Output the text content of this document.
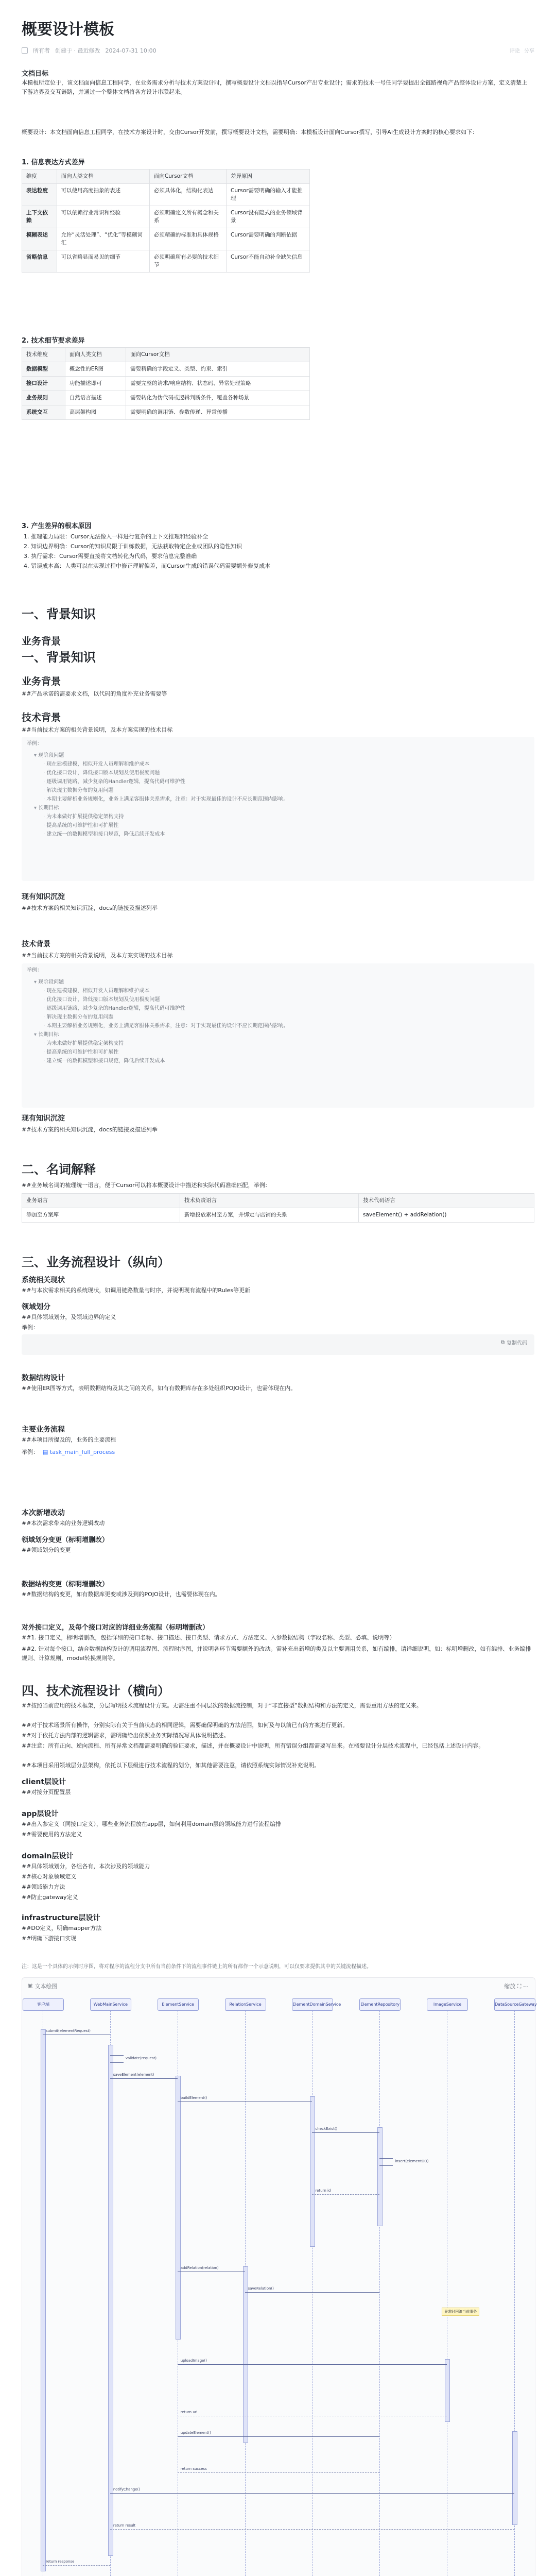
概要设计模板
所有者 创建于 · 最近修改 2024-07-31 10:00	评论 分享
文档目标
本模板所定位于，该文档面向信息工程同学，在业务需求分析与技术方案设计时，撰写概要设计文档以指导Cursor产出专业设计；需求的技术一号任同学要提出全链路视角产品整体设计方案，定义清楚上下游边界及交互链路，并通过一个整体文档将各方设计串联起来。
概要设计：本文档面向信息工程同学，在技术方案设计时，交由Cursor开发前，撰写概要设计文档，需要明确：本模板设计面向Cursor撰写，引导AI生成设计方案时的核心要求如下：
1. 信息表达方式差异
维度	面向人类文档	面向Cursor文档	差异原因
表达粒度	可以使用高度抽象的表述	必须具体化，结构化表达	Cursor需要明确的输入才能推理
上下文依赖	可以依赖行业常识和经验	必须明确定义所有概念和关系	Cursor没有隐式的业务领域背景
模糊表述	允许“灵活处理”、“优化”等模糊词汇	必须精确的标准和具体规格	Cursor需要明确的判断依据
省略信息	可以省略显而易见的细节	必须明确所有必要的技术细节	Cursor不能自动补全缺失信息
2. 技术细节要求差异
技术维度	面向人类文档	面向Cursor文档
数据模型	概念性的ER图	需要精确的字段定义、类型、约束、索引
接口设计	功能描述即可	需要完整的请求/响应结构、状态码、异常处理策略
业务规则	自然语言描述	需要转化为伪代码或逻辑判断条件，覆盖各种场景
系统交互	高层架构图	需要明确的调用链、参数传递、异常传播
3. 产生差异的根本原因
1. 推理能力局限：Cursor无法像人一样进行复杂的上下文推理和经验补全
2. 知识边界明确：Cursor的知识局限于训练数据，无法获取特定企业或团队的隐性知识
3. 执行需求：Cursor需要直接将文档转化为代码，要求信息完整准确
4. 错误成本高：人类可以在实现过程中修正理解偏差，而Cursor生成的错误代码需要额外修复成本
一、背景知识
业务背景
一、背景知识
业务背景
##产品承诺的需要求文档，以代码的角度补充业务需要等
技术背景
##当前技术方案的相关背景说明，及本方案实现的技术目标
举例：
▾ 现阶段问题
· 现在建模建模，相似开发人员理解和维护成本
· 优化接口设计，降低接口版本规划及使用极度问题
· 逐级调用链路，减少复杂的Handler逻辑，提高代码可维护性
· 解决现主数据分布的复用问题
· 本期主要解析业务规则化，业务上满足客服体关系需求，注意：对于实现最佳的设计不应长期范围内影响。
▾ 长期目标
· 为未来做好扩展提供稳定架构支持
· 提高系统的可维护性和可扩展性
· 建立统一的数据模型和接口规范，降低后续开发成本
现有知识沉淀
##技术方案的相关知识沉淀，docs的链接及描述列举
技术背景
##当前技术方案的相关背景说明，及本方案实现的技术目标
举例：
▾ 现阶段问题
· 现在建模建模，相似开发人员理解和维护成本
· 优化接口设计，降低接口版本规划及使用极度问题
· 逐级调用链路，减少复杂的Handler逻辑，提高代码可维护性
· 解决现主数据分布的复用问题
· 本期主要解析业务规则化，业务上满足客服体关系需求，注意：对于实现最佳的设计不应长期范围内影响。
▾ 长期目标
· 为未来做好扩展提供稳定架构支持
· 提高系统的可维护性和可扩展性
· 建立统一的数据模型和接口规范，降低后续开发成本
现有知识沉淀
##技术方案的相关知识沉淀，docs的链接及描述列举
二、名词解释
##业务域名词的梳理统一语言，便于Cursor可以将本概要设计中描述和实际代码准确匹配，举例：
业务语言	技术负责语言	技术代码语言
添加至方案库	新增投放素材至方案，并绑定与店铺的关系	saveElement() + addRelation()
三、业务流程设计（纵向）
系统相关现状
##与本次需求相关的系统现状，如调用链路数量与时序，并说明现有流程中的Rules等更新
领域划分
##具体领域划分，及领域边界的定义
举例：
⧉ 复制代码
数据结构设计
##使用ER图等方式，表明数据结构及其之间的关系，如有有数据库存在多处组织POJO设计，也需体现在内。
主要业务流程
##本项目所提及的，业务的主要流程
举例： ▤ task_main_full_process
本次新增改动
##本次需求带来的业务逻辑改动
领域划分变更（标明增删改）
##领域划分的变更
数据结构变更（标明增删改）
##数据结构的变更，如有数据库更变或涉及到的POJO设计，也需要体现在内。
对外接口定义，及每个接口对应的详细业务流程（标明增删改）
##1. 接口定义，标明增删改，包括详细的接口名称、接口描述、接口类型、请求方式、方法定义、入参数据结构（字段名称、类型、必填、说明等）
##2. 针对每个接口，结合数据结构设计的调用流程图、流程时序图，并说明各环节需要额外的改动。需补充出新增的类及以主要调用关系，如有编排，请详细说明，如：标明增删改，如有编排、业务编排规则、计算规则、model转换规则等。
四、技术流程设计（横向）
##按照当前应用的技术框架，分层写明技术流程设计方案。无需注重不同层次的数据流控制，对于“非直接型”数据结构和方法的定义，需要重用方法的定义来。
##对于技术场景所有操作，分别实际有关于当前状态的相同逻辑，需要确保明确的方法范围，如何及与以前已有的方案进行更新。
##对于依托方法内部的逻辑需求，需明确给出依照业务实际情况写具体说明描述。
##注意：所有正向、逆向流程、所有异常文档都需要明确的验证要求，描述，并在概要设计中说明，所有错误分组都需要写出来。在概要设计分层技术流程中，已经包括上述设计内容。
##本项目采用领域层分层架构，依托以下层级进行技术流程的划分，如其他需要注意，请依照系统实际情况补充说明。
client层设计
##对接分页配置层
app层设计
##出入参定义（同接口定义），哪些业务流程放在app层，如何利用domain层的领域能力进行流程编排
##需要使用的方法定义
domain层设计
##具体领域划分，各组各有，本次涉及的领域能力
##核心对象领域定义
##领域能力方法
##防止gateway定义
infrastructure层设计
##DO定义，明确mapper方法
##明确下游接口实现
注：这是一个具体的示例时序图，将对程序的流程分支中所有当前条件下的流程事件链上的所有都作一个示意说明，可以仅要求提供其中的关键流程描述。
⌘ 文本绘图	缩放 ⛶ ⋯
客户端	WebMainService	ElementService	RelationService	ElementDomainService	ElementRepository	ImageService	DataSourceGateway
submit(elementRequest)
validate(request)
saveElement(element)
buildElement()
checkExist()
insert(elementDO)
return id
addRelation(relation)
saveRelation()
uploadImage()
return url
updateElement()
return success
notifyChange()
return result
return response
异常时回滚当前事务
